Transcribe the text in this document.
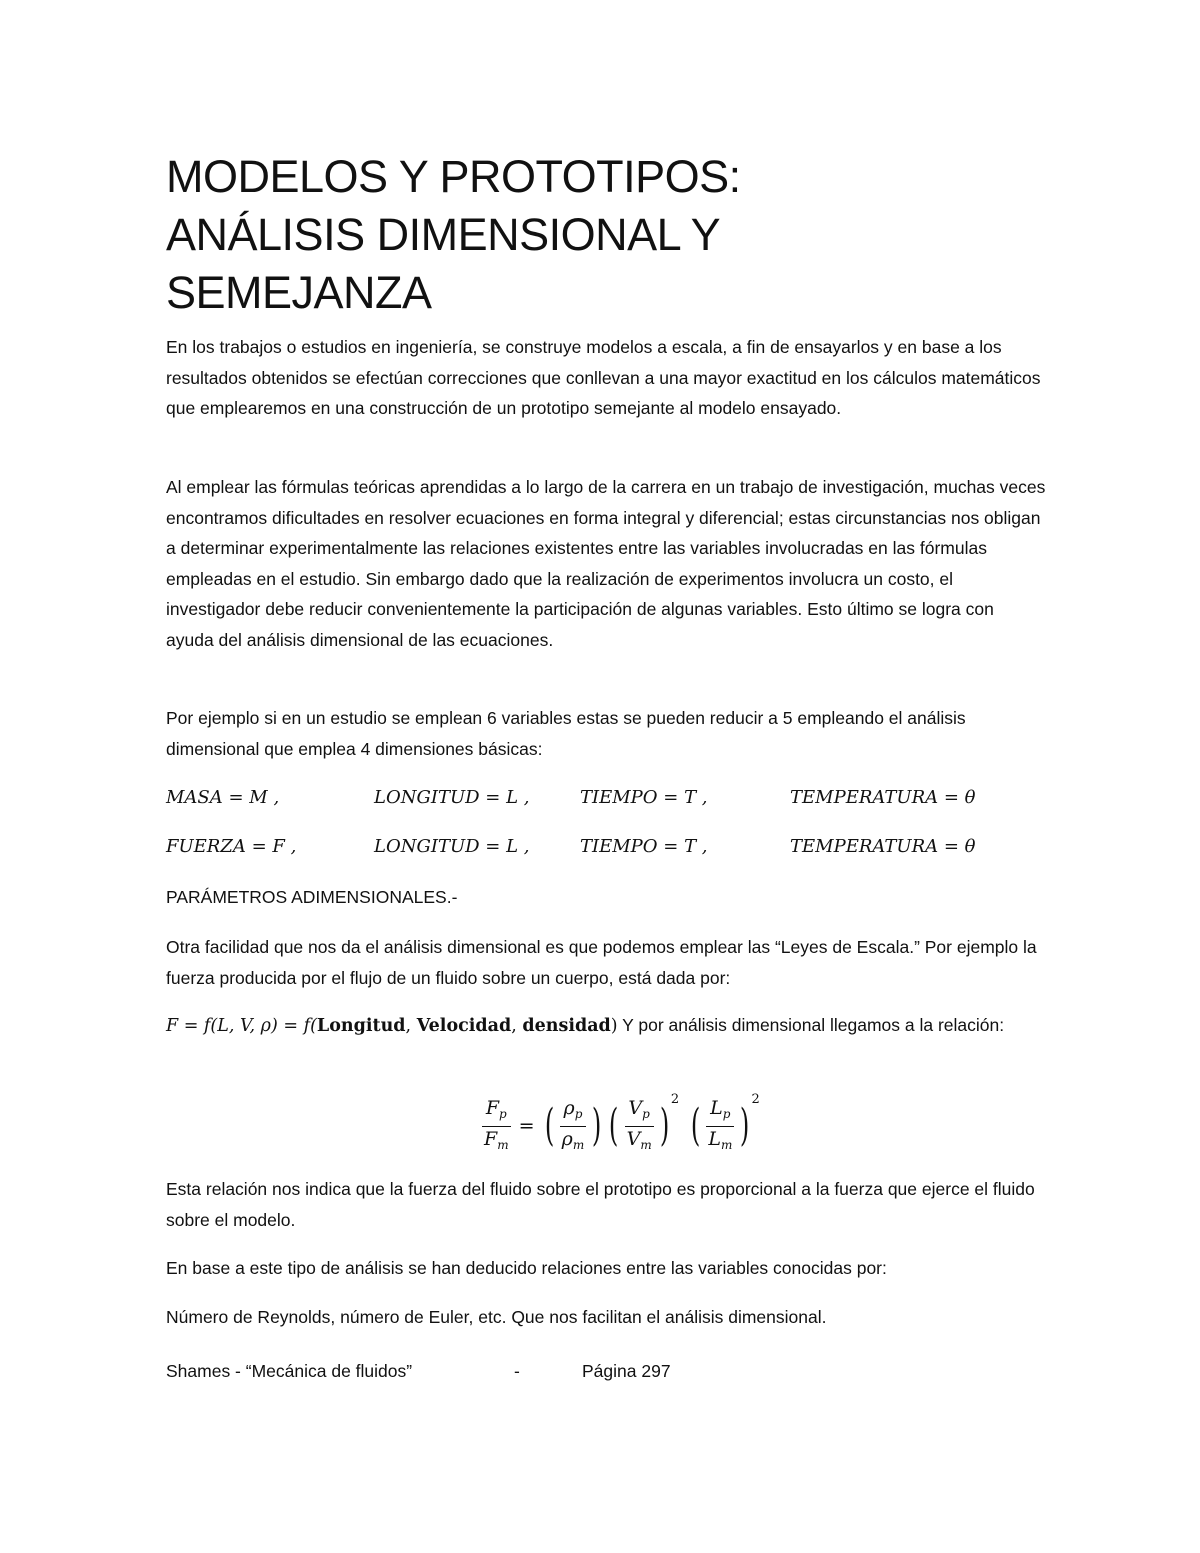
MODELOS Y PROTOTIPOS:
ANÁLISIS DIMENSIONAL Y
SEMEJANZA

En los trabajos o estudios en ingeniería, se construye modelos a escala, a fin de ensayarlos y en base a los resultados obtenidos se efectúan correcciones que conllevan a una mayor exactitud en los cálculos matemáticos que emplearemos en una construcción de un prototipo semejante al modelo ensayado.

Al emplear las fórmulas teóricas aprendidas a lo largo de la carrera en un trabajo de investigación, muchas veces encontramos dificultades en resolver ecuaciones en forma integral y diferencial; estas circunstancias nos obligan a determinar experimentalmente las relaciones existentes entre las variables involucradas en las fórmulas empleadas en el estudio. Sin embargo dado que la realización de experimentos involucra un costo, el investigador debe reducir convenientemente la participación de algunas variables. Esto último se logra con ayuda del análisis dimensional de las ecuaciones.

Por ejemplo si en un estudio se emplean 6 variables estas se pueden reducir a 5 empleando el análisis dimensional que emplea 4 dimensiones básicas:

MASA = M ,	LONGITUD = L ,	TIEMPO = T ,	TEMPERATURA = θ
FUERZA = F ,	LONGITUD = L ,	TIEMPO = T ,	TEMPERATURA = θ

PARÁMETROS ADIMENSIONALES.-

Otra facilidad que nos da el análisis dimensional es que podemos emplear las “Leyes de Escala.” Por ejemplo la fuerza producida por el flujo de un fluido sobre un cuerpo, está dada por:

F = f(L, V, ρ) = f(Longitud, Velocidad, densidad) Y por análisis dimensional llegamos a la relación:

$\frac{F_p}{F_m}$ = ( $\frac{\rho_p}{\rho_m}$ ) ( $\frac{V_p}{V_m}$ )
2
( $\frac{L_p}{L_m}$ )
2

Esta relación nos indica que la fuerza del fluido sobre el prototipo es proporcional a la fuerza que ejerce el fluido sobre el modelo.

En base a este tipo de análisis se han deducido relaciones entre las variables conocidas por:

Número de Reynolds, número de Euler, etc. Que nos facilitan el análisis dimensional.

Shames - “Mecánica de fluidos”	-	Página 297
